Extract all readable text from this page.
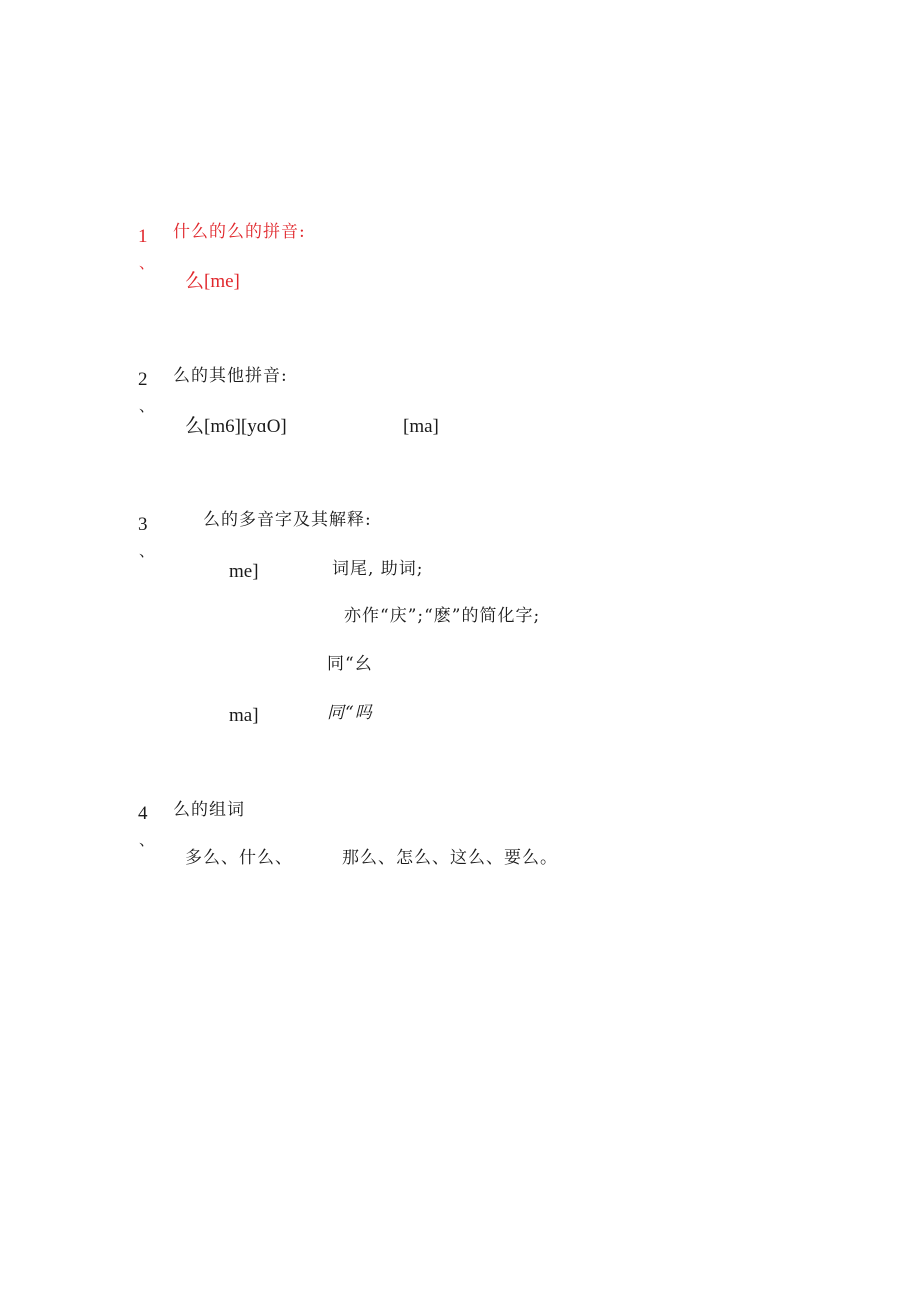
1
、
什么的么的拼音:
么[me]
2
、
么的其他拼音:
么[m6][yɑO]	[ma]
3
、
么的多音字及其解释:
me]	词尾, 助词;
亦作“庆”;“麽”的简化字;
同“幺
ma]	同“吗
4
、
么的组词
多么、什么、	那么、怎么、这么、要么。
